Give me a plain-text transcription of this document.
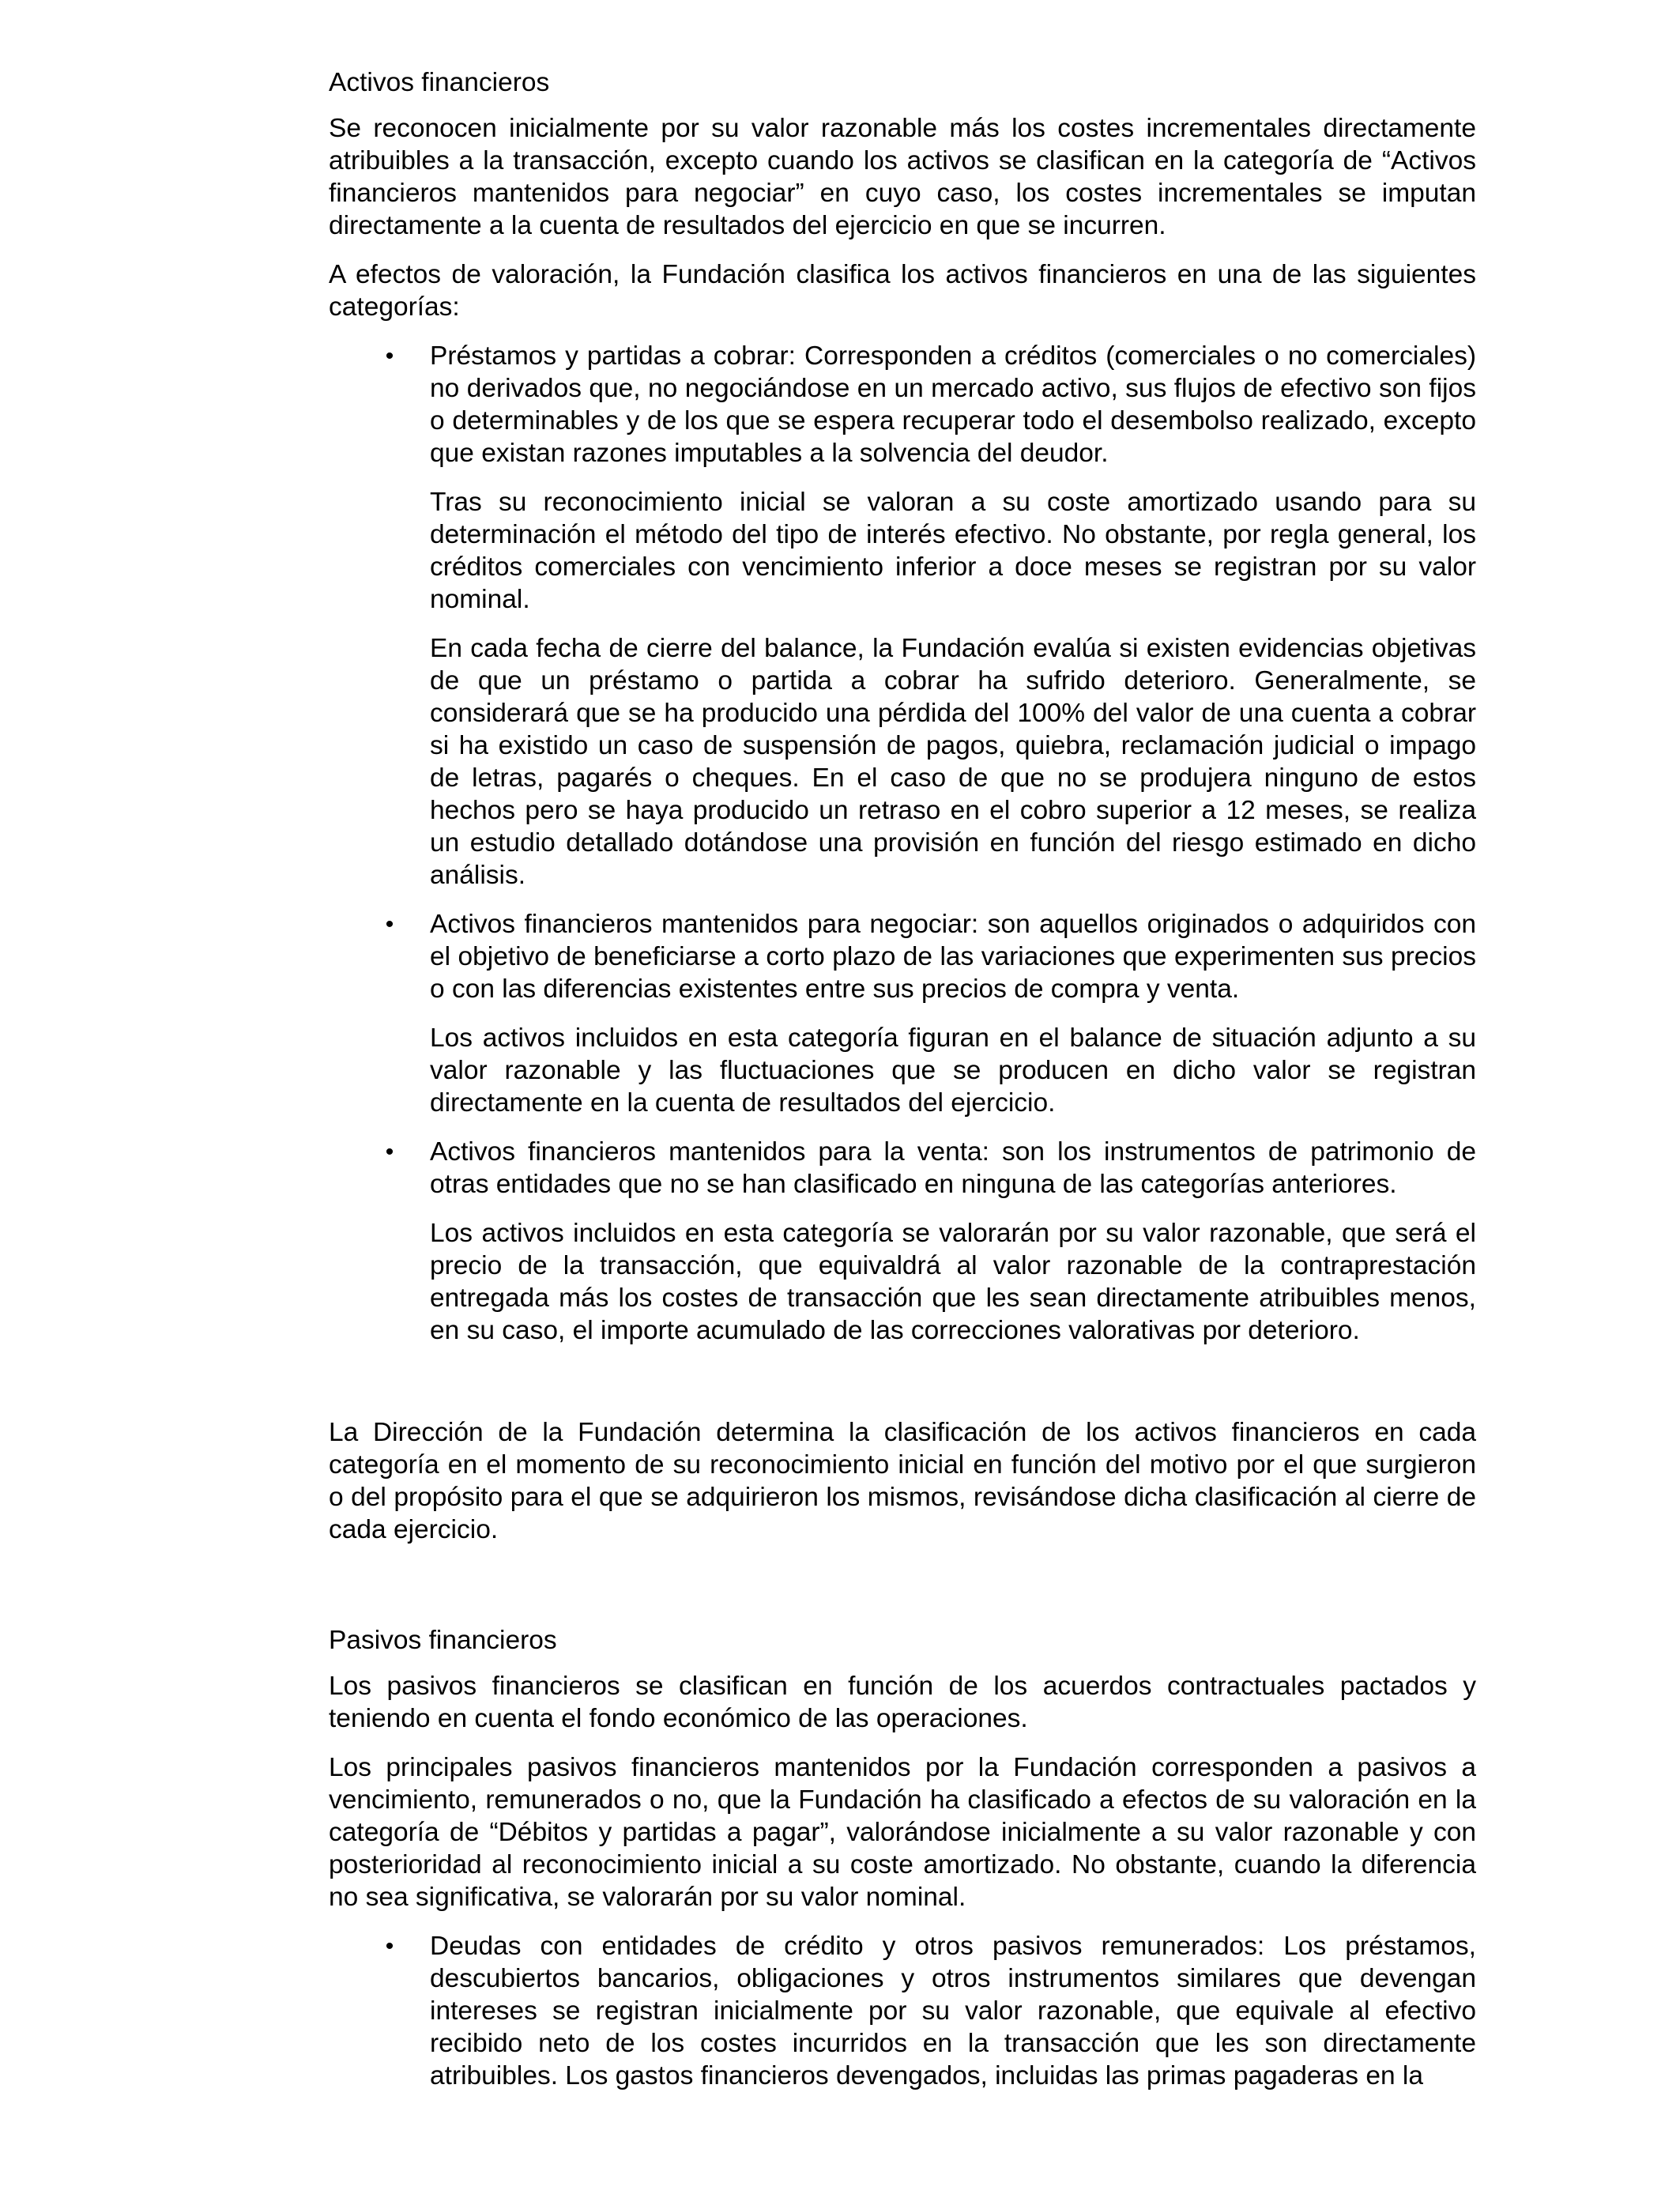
Activos financieros

Se reconocen inicialmente por su valor razonable más los costes incrementales directamente atribuibles a la transacción, excepto cuando los activos se clasifican en la categoría de “Activos financieros mantenidos para negociar” en cuyo caso, los costes incrementales se imputan directamente a la cuenta de resultados del ejercicio en que se incurren.

A efectos de valoración, la Fundación clasifica los activos financieros en una de las siguientes categorías:

• Préstamos y partidas a cobrar: Corresponden a créditos (comerciales o no comerciales) no derivados que, no negociándose en un mercado activo, sus flujos de efectivo son fijos o determinables y de los que se espera recuperar todo el desembolso realizado, excepto que existan razones imputables a la solvencia del deudor.

Tras su reconocimiento inicial se valoran a su coste amortizado usando para su determinación el método del tipo de interés efectivo. No obstante, por regla general, los créditos comerciales con vencimiento inferior a doce meses se registran por su valor nominal.

En cada fecha de cierre del balance, la Fundación evalúa si existen evidencias objetivas de que un préstamo o partida a cobrar ha sufrido deterioro. Generalmente, se considerará que se ha producido una pérdida del 100% del valor de una cuenta a cobrar si ha existido un caso de suspensión de pagos, quiebra, reclamación judicial o impago de letras, pagarés o cheques. En el caso de que no se produjera ninguno de estos hechos pero se haya producido un retraso en el cobro superior a 12 meses, se realiza un estudio detallado dotándose una provisión en función del riesgo estimado en dicho análisis.

• Activos financieros mantenidos para negociar: son aquellos originados o adquiridos con el objetivo de beneficiarse a corto plazo de las variaciones que experimenten sus precios o con las diferencias existentes entre sus precios de compra y venta.

Los activos incluidos en esta categoría figuran en el balance de situación adjunto a su valor razonable y las fluctuaciones que se producen en dicho valor se registran directamente en la cuenta de resultados del ejercicio.

• Activos financieros mantenidos para la venta: son los instrumentos de patrimonio de otras entidades que no se han clasificado en ninguna de las categorías anteriores.

Los activos incluidos en esta categoría se valorarán por su valor razonable, que será el precio de la transacción, que equivaldrá al valor razonable de la contraprestación entregada más los costes de transacción que les sean directamente atribuibles menos, en su caso, el importe acumulado de las correcciones valorativas por deterioro.

La Dirección de la Fundación determina la clasificación de los activos financieros en cada categoría en el momento de su reconocimiento inicial en función del motivo por el que surgieron o del propósito para el que se adquirieron los mismos, revisándose dicha clasificación al cierre de cada ejercicio.

Pasivos financieros

Los pasivos financieros se clasifican en función de los acuerdos contractuales pactados y teniendo en cuenta el fondo económico de las operaciones.

Los principales pasivos financieros mantenidos por la Fundación corresponden a pasivos a vencimiento, remunerados o no, que la Fundación ha clasificado a efectos de su valoración en la categoría de “Débitos y partidas a pagar”, valorándose inicialmente a su valor razonable y con posterioridad al reconocimiento inicial a su coste amortizado. No obstante, cuando la diferencia no sea significativa, se valorarán por su valor nominal.

• Deudas con entidades de crédito y otros pasivos remunerados: Los préstamos, descubiertos bancarios, obligaciones y otros instrumentos similares que devengan intereses se registran inicialmente por su valor razonable, que equivale al efectivo recibido neto de los costes incurridos en la transacción que les son directamente atribuibles. Los gastos financieros devengados, incluidas las primas pagaderas en la
